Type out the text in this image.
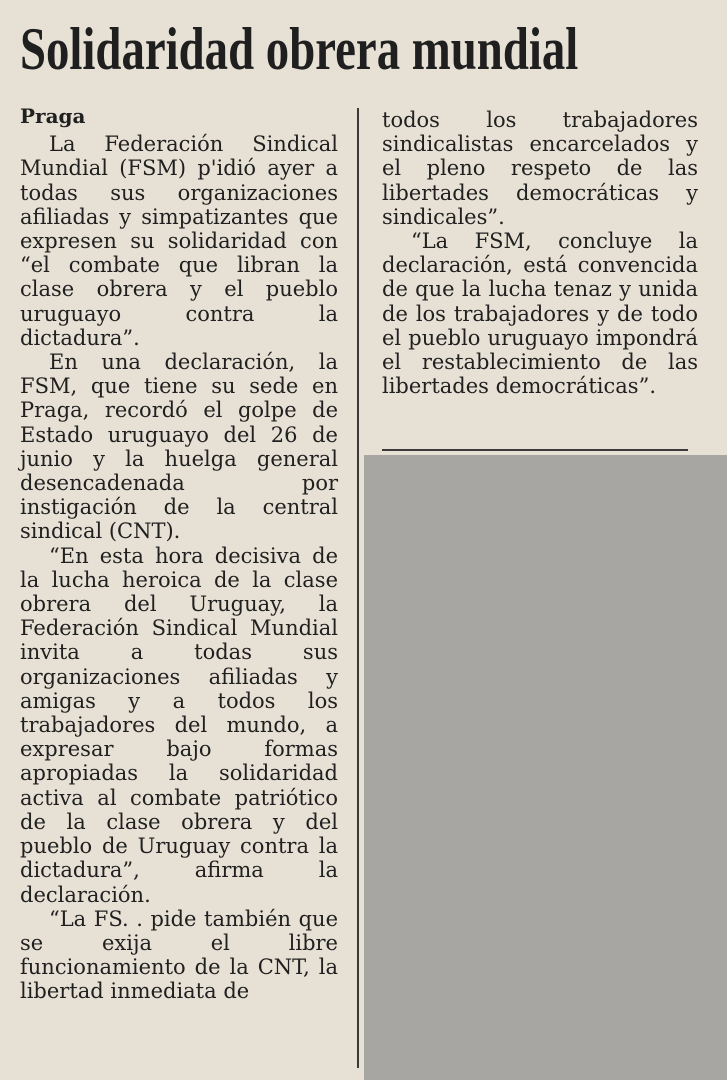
Solidaridad obrera mundial

Praga

La Federación Sindical Mundial (FSM) p'idió ayer a todas sus organizaciones afiliadas y simpatizantes que expresen su solidaridad con “el combate que libran la clase obrera y el pueblo uruguayo contra la dictadura”.

En una declaración, la FSM, que tiene su sede en Praga, recordó el golpe de Estado uruguayo del 26 de junio y la huelga general desencadenada por instigación de la central sindical (CNT).

“En esta hora decisiva de la lucha heroica de la clase obrera del Uruguay, la Federación Sindical Mundial invita a todas sus organizaciones afiliadas y amigas y a todos los trabajadores del mundo, a expresar bajo formas apropiadas la solidaridad activa al combate patriótico de la clase obrera y del pueblo de Uruguay contra la dictadura”, afirma la declaración.

“La FS. . pide también que se exija el libre funcionamiento de la CNT, la libertad inmediata de

todos los trabajadores sindicalistas encarcelados y el pleno respeto de las libertades democráticas y sindicales”.

“La FSM, concluye la declaración, está convencida de que la lucha tenaz y unida de los trabajadores y de todo el pueblo uruguayo impondrá el restablecimiento de las libertades democráticas”.
